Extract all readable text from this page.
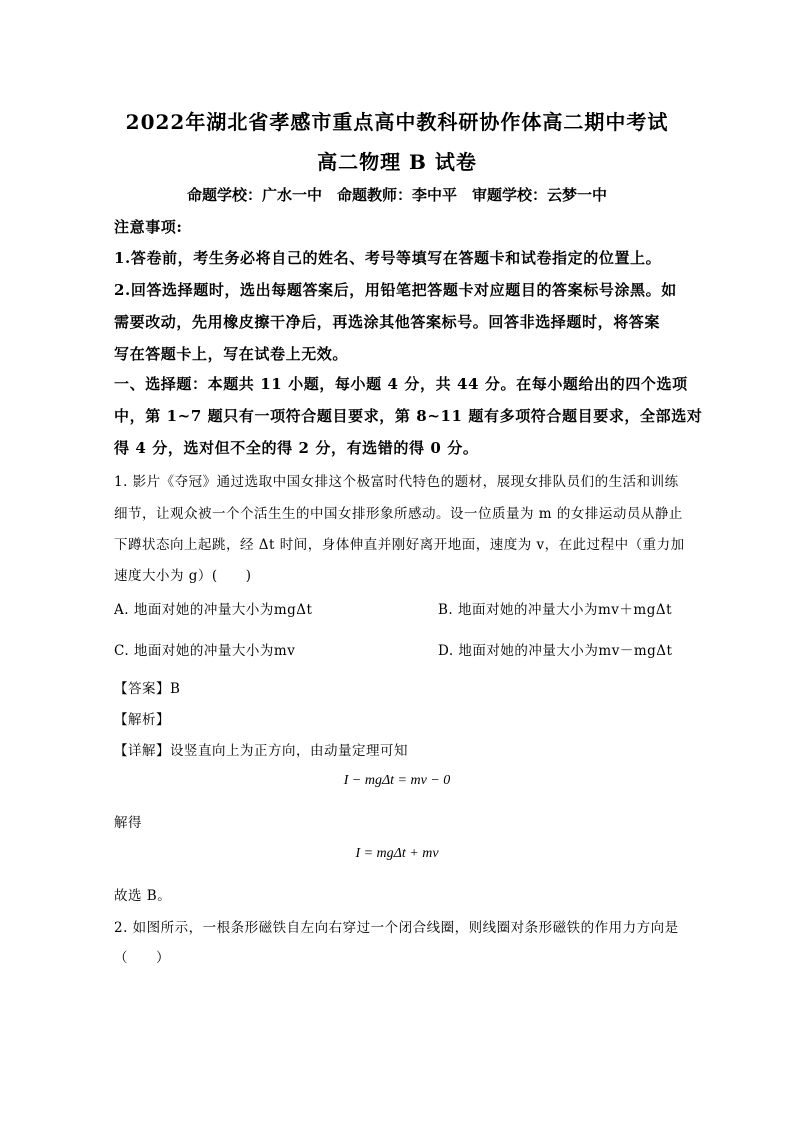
2022年湖北省孝感市重点高中教科研协作体高二期中考试
高二物理 B 试卷
命题学校：广水一中　命题教师：李中平　审题学校：云梦一中
注意事项:
1.答卷前，考生务必将自己的姓名、考号等填写在答题卡和试卷指定的位置上。
2.回答选择题时，选出每题答案后，用铅笔把答题卡对应题目的答案标号涂黑。如
需要改动，先用橡皮擦干净后，再选涂其他答案标号。回答非选择题时，将答案
写在答题卡上，写在试卷上无效。
一、选择题：本题共 11 小题，每小题 4 分，共 44 分。在每小题给出的四个选项
中，第 1~7 题只有一项符合题目要求，第 8~11 题有多项符合题目要求，全部选对
得 4 分，选对但不全的得 2 分，有选错的得 0 分。
1. 影片《夺冠》通过选取中国女排这个极富时代特色的题材，展现女排队员们的生活和训练
细节，让观众被一个个活生生的中国女排形象所感动。设一位质量为 m 的女排运动员从静止
下蹲状态向上起跳，经 Δt 时间，身体伸直并刚好离开地面，速度为 v，在此过程中（重力加
速度大小为 g）(　　)
A. 地面对她的冲量大小为mgΔt	B. 地面对她的冲量大小为mv＋mgΔt
C. 地面对她的冲量大小为mv	D. 地面对她的冲量大小为mv－mgΔt
【答案】B
【解析】
【详解】设竖直向上为正方向，由动量定理可知
I − mgΔt = mv − 0
解得
I = mgΔt + mv
故选 B。
2. 如图所示，一根条形磁铁自左向右穿过一个闭合线圈，则线圈对条形磁铁的作用力方向是
（　　）
